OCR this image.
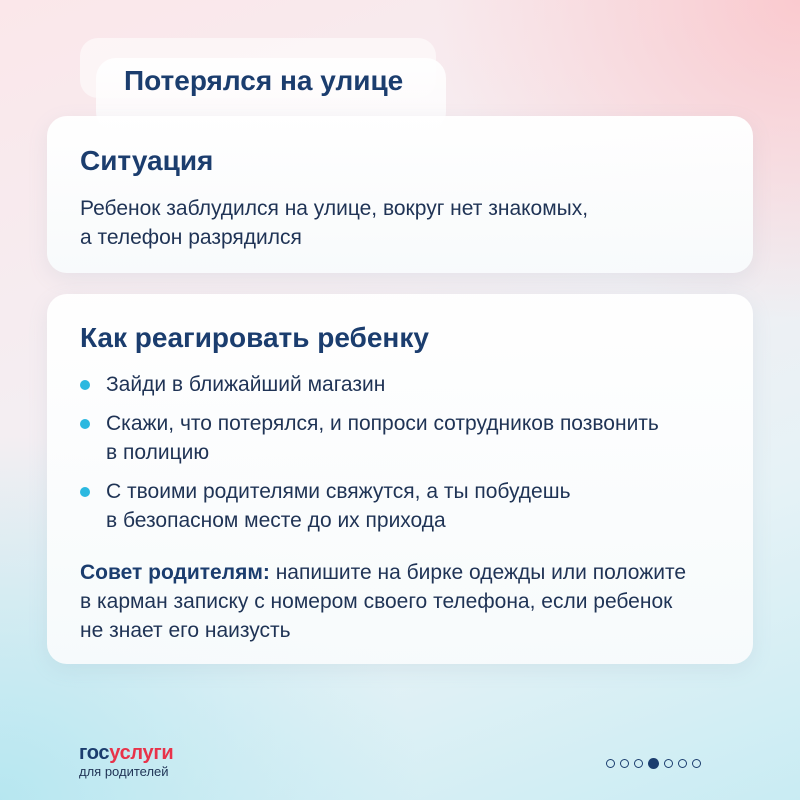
Потерялся на улице
Ситуация
Ребенок заблудился на улице, вокруг нет знакомых,
а телефон разрядился
Как реагировать ребенку
Зайди в ближайший магазин
Скажи, что потерялся, и попроси сотрудников позвонить
в полицию
С твоими родителями свяжутся, а ты побудешь
в безопасном месте до их прихода
Совет родителям: напишите на бирке одежды или положите
в карман записку с номером своего телефона, если ребенок
не знает его наизусть
госуслуги
для родителей
